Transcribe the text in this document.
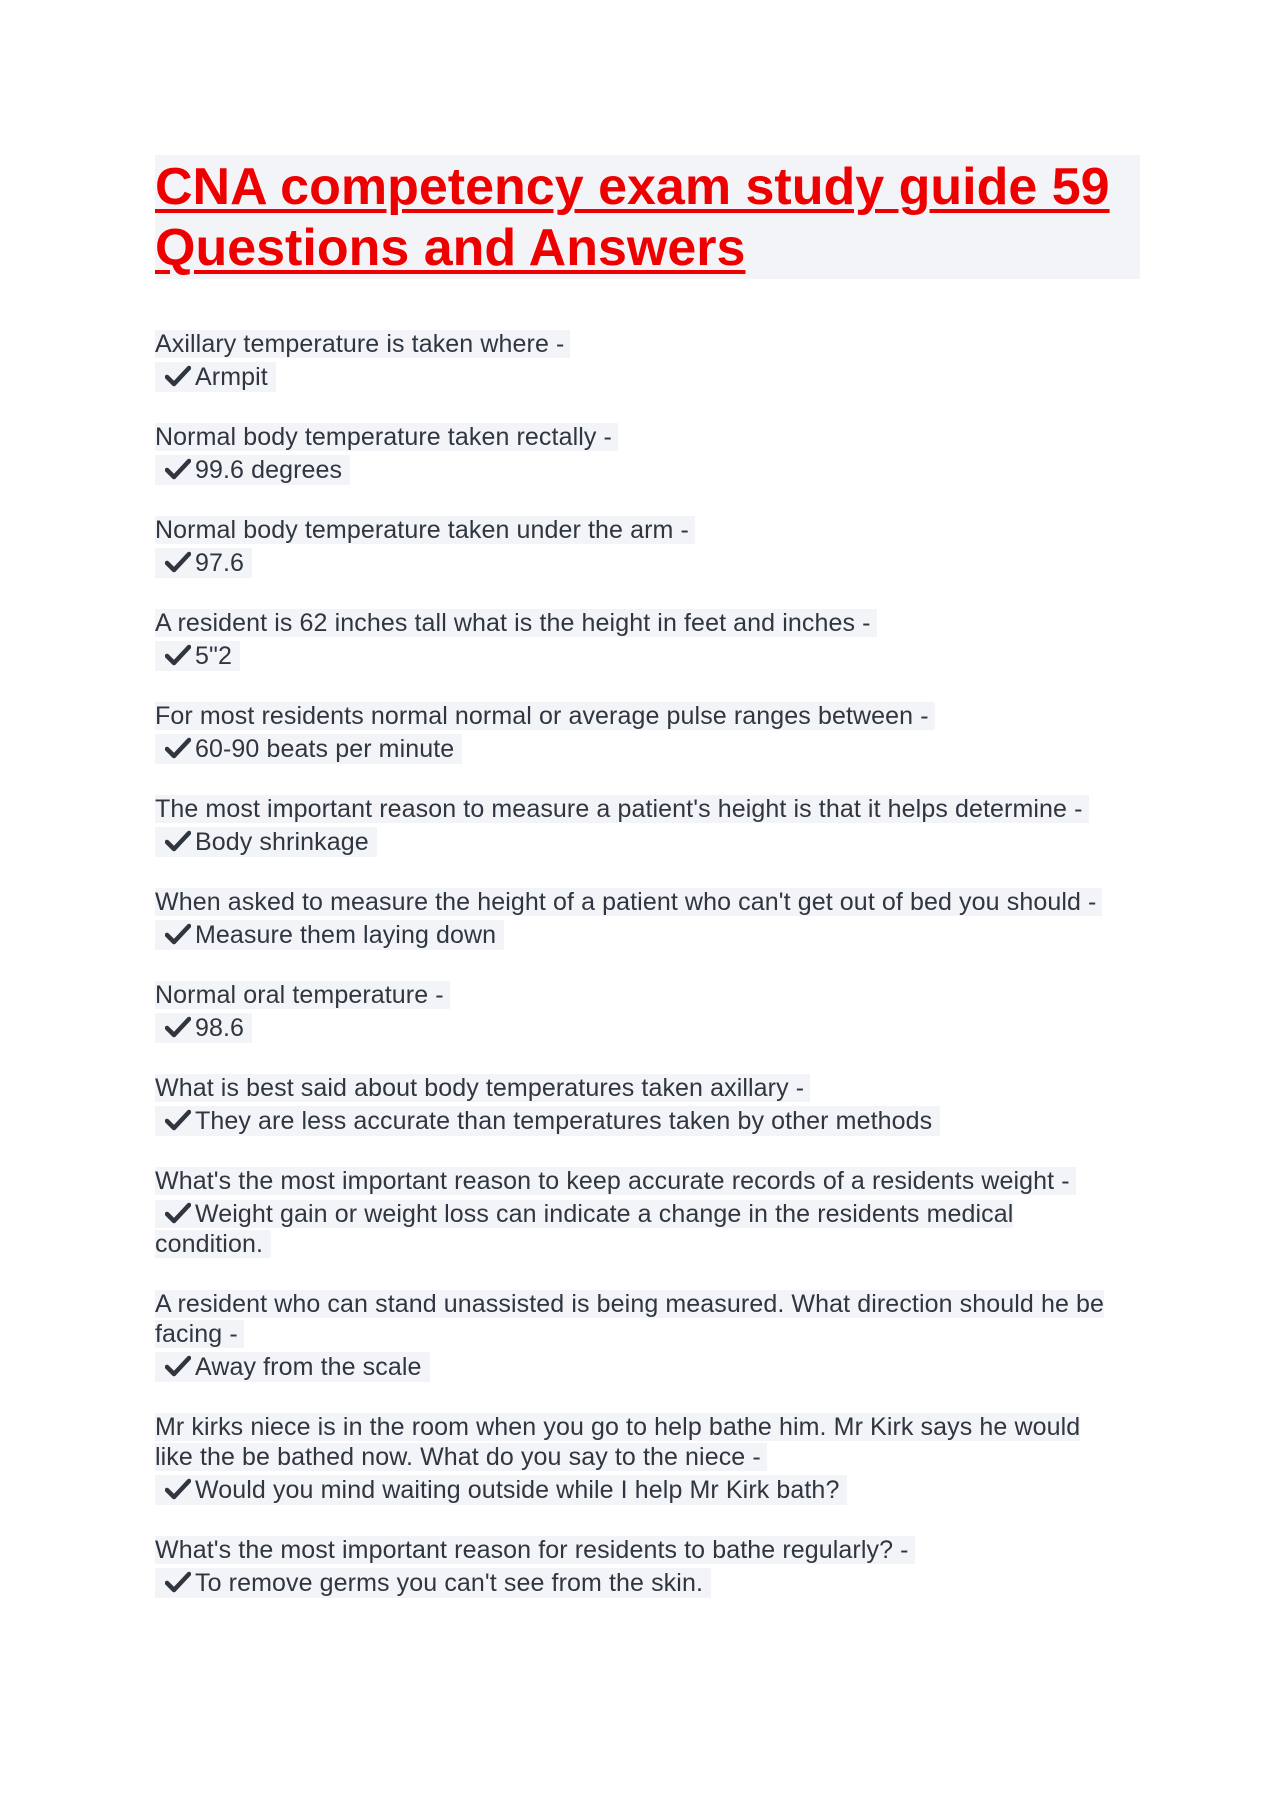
CNA competency exam study guide 59 Questions and Answers
Axillary temperature is taken where -
Armpit
Normal body temperature taken rectally -
99.6 degrees
Normal body temperature taken under the arm -
97.6
A resident is 62 inches tall what is the height in feet and inches -
5"2
For most residents normal normal or average pulse ranges between -
60-90 beats per minute
The most important reason to measure a patient's height is that it helps determine -
Body shrinkage
When asked to measure the height of a patient who can't get out of bed you should -
Measure them laying down
Normal oral temperature -
98.6
What is best said about body temperatures taken axillary -
They are less accurate than temperatures taken by other methods
What's the most important reason to keep accurate records of a residents weight -
Weight gain or weight loss can indicate a change in the residents medical condition.
A resident who can stand unassisted is being measured. What direction should he be facing -
Away from the scale
Mr kirks niece is in the room when you go to help bathe him. Mr Kirk says he would like the be bathed now. What do you say to the niece -
Would you mind waiting outside while I help Mr Kirk bath?
What's the most important reason for residents to bathe regularly? -
To remove germs you can't see from the skin.
